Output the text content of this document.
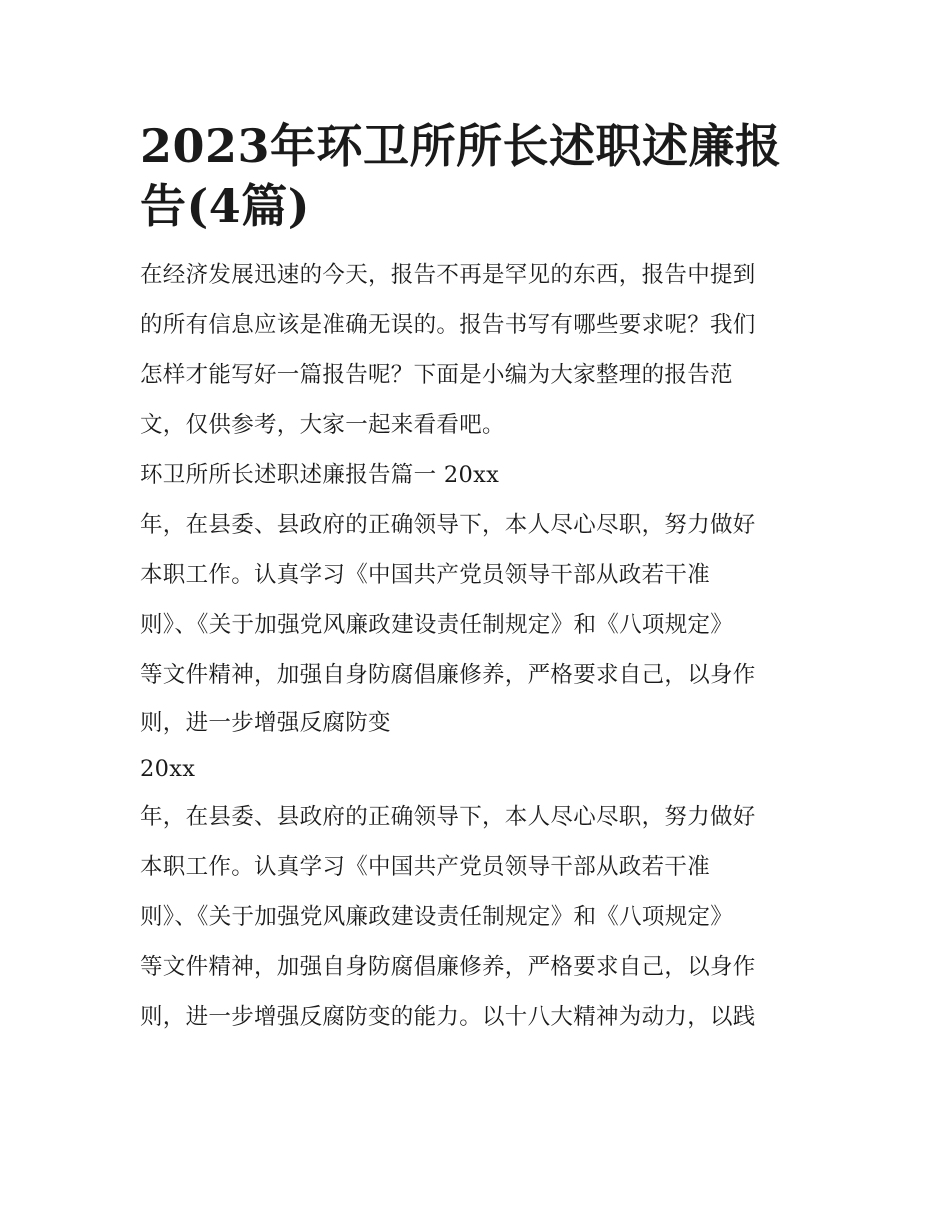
2023年环卫所所长述职述廉报
告(4篇)
在经济发展迅速的今天，报告不再是罕见的东西，报告中提到
的所有信息应该是准确无误的。报告书写有哪些要求呢？我们
怎样才能写好一篇报告呢？下面是小编为大家整理的报告范
文，仅供参考，大家一起来看看吧。
环卫所所长述职述廉报告篇一 20xx
年，在县委、县政府的正确领导下，本人尽心尽职，努力做好
本职工作。认真学习《中国共产党员领导干部从政若干准
则》、《关于加强党风廉政建设责任制规定》和《八项规定》
等文件精神，加强自身防腐倡廉修养，严格要求自己，以身作
则，进一步增强反腐防变
20xx
年，在县委、县政府的正确领导下，本人尽心尽职，努力做好
本职工作。认真学习《中国共产党员领导干部从政若干准
则》、《关于加强党风廉政建设责任制规定》和《八项规定》
等文件精神，加强自身防腐倡廉修养，严格要求自己，以身作
则，进一步增强反腐防变的能力。以十八大精神为动力，以践
